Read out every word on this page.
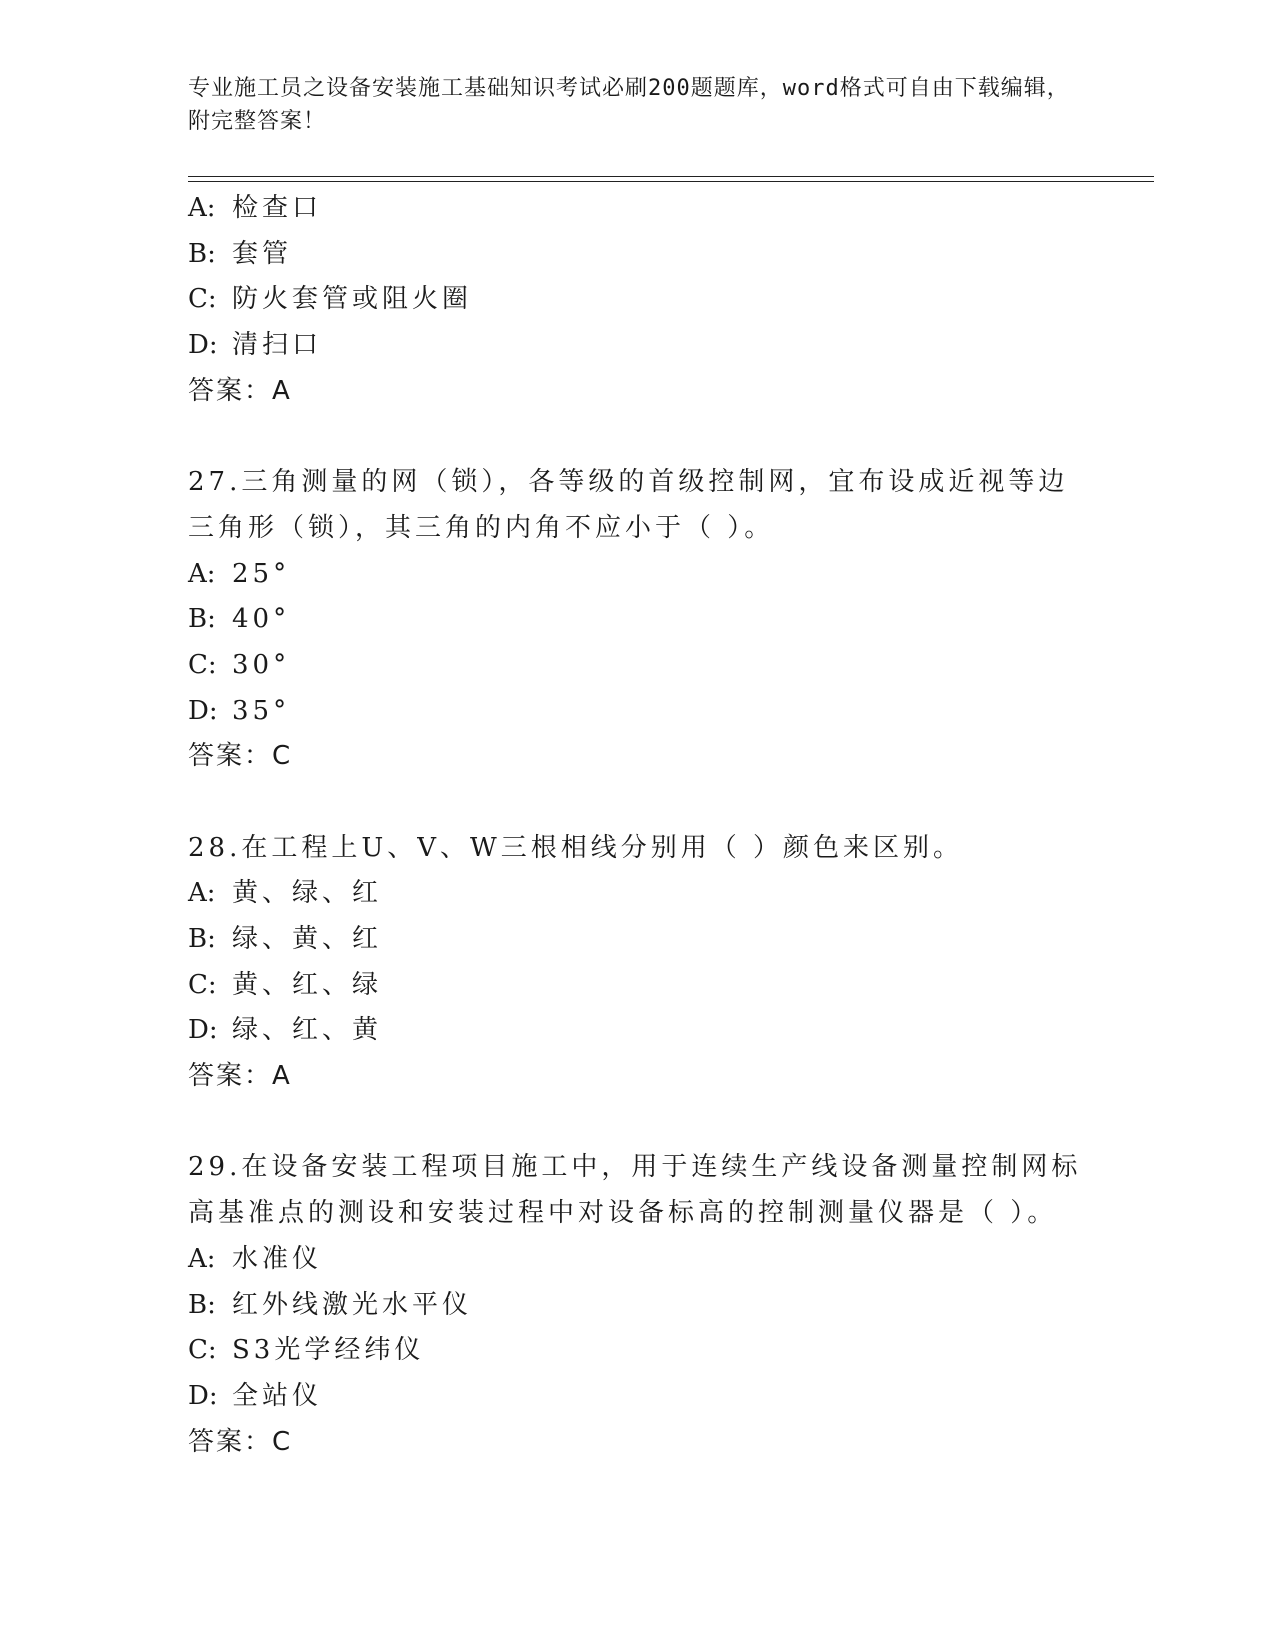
专业施工员之设备安装施工基础知识考试必刷200题题库，word格式可自由下载编辑，附完整答案！
A: 检查口
B: 套管
C: 防火套管或阻火圈
D: 清扫口
答案：A
27.三角测量的网（锁），各等级的首级控制网，宜布设成近视等边三角形（锁），其三角的内角不应小于（ ）。
A: 25°
B: 40°
C: 30°
D: 35°
答案：C
28.在工程上U、V、W三根相线分别用（ ）颜色来区别。
A: 黄、绿、红
B: 绿、黄、红
C: 黄、红、绿
D: 绿、红、黄
答案：A
29.在设备安装工程项目施工中，用于连续生产线设备测量控制网标高基准点的测设和安装过程中对设备标高的控制测量仪器是（ ）。
A: 水准仪
B: 红外线激光水平仪
C: S3光学经纬仪
D: 全站仪
答案：C
